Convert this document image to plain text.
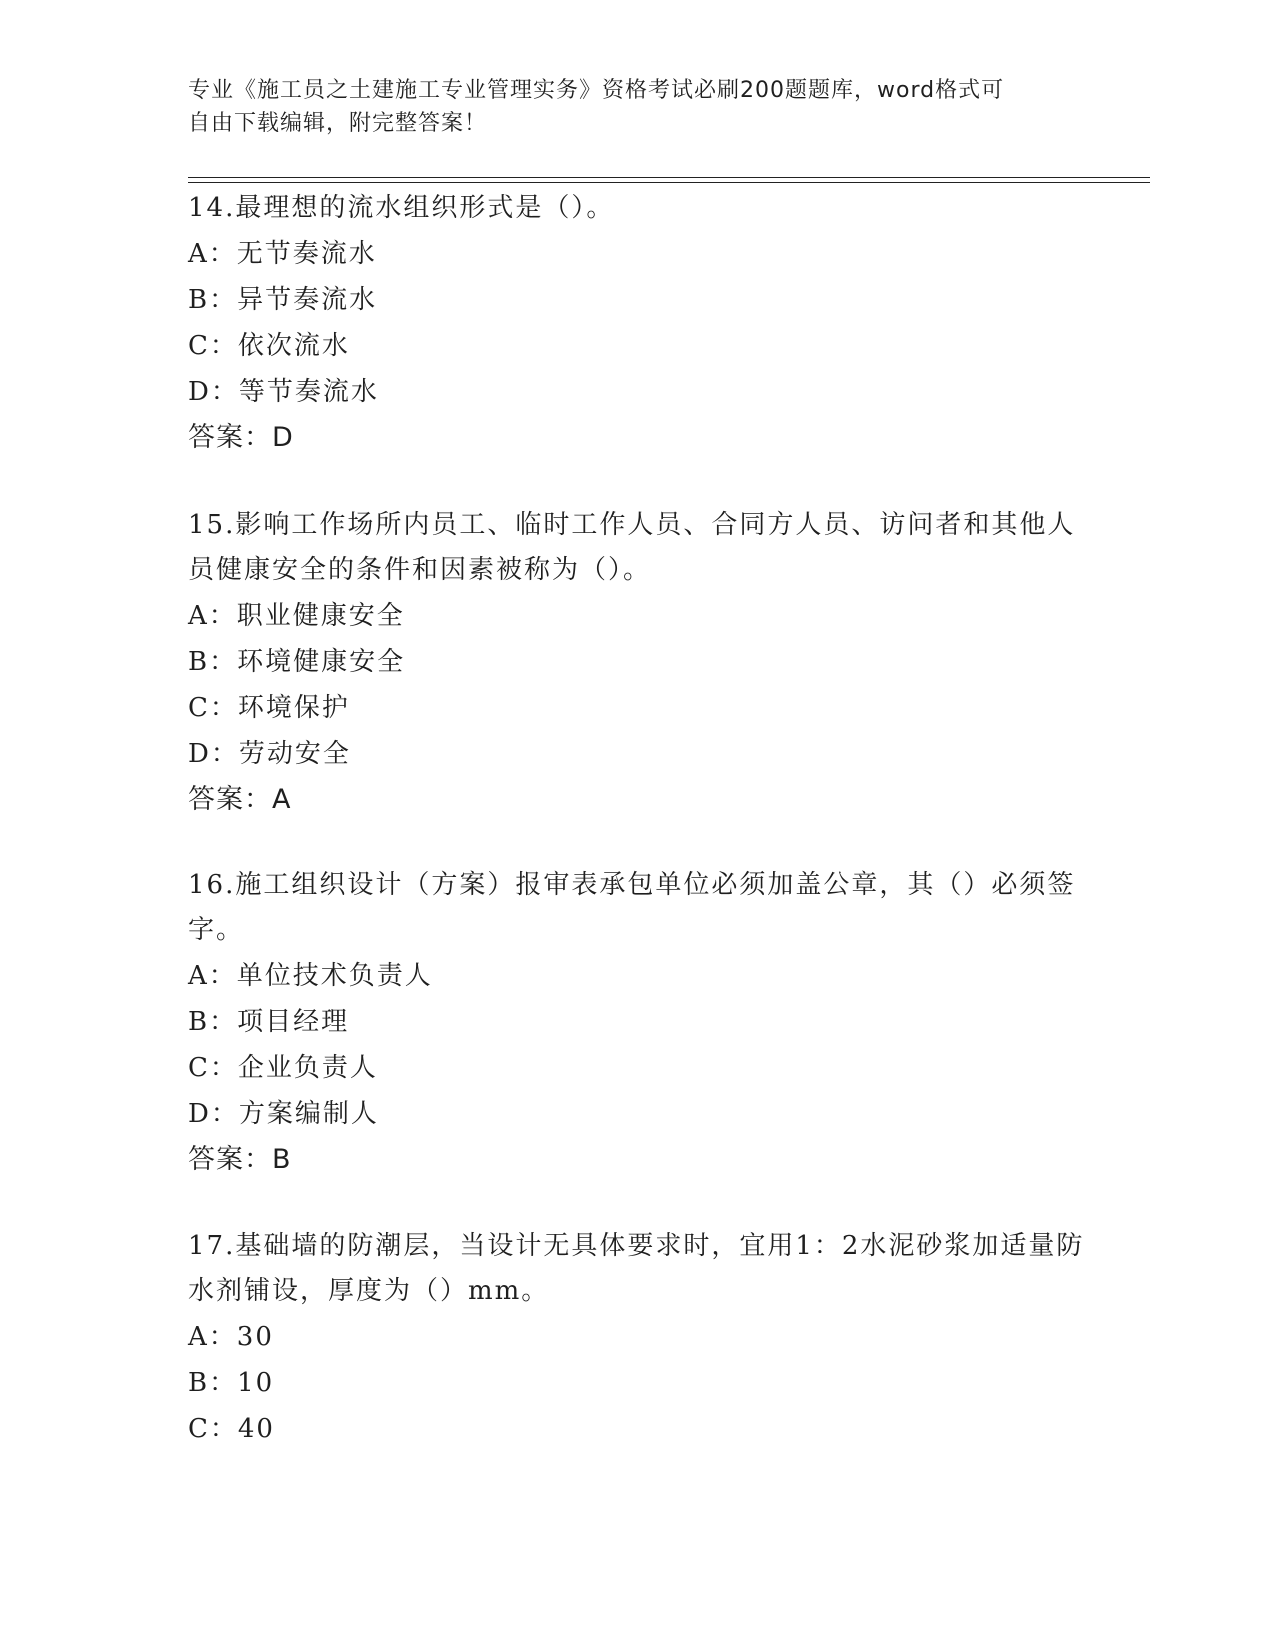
专业《施工员之土建施工专业管理实务》资格考试必刷200题题库，word格式可
自由下载编辑，附完整答案！

14.最理想的流水组织形式是（）。

A：无节奏流水

B：异节奏流水

C：依次流水

D：等节奏流水

答案：D

15.影响工作场所内员工、临时工作人员、合同方人员、访问者和其他人员健康安全的条件和因素被称为（）。

A：职业健康安全

B：环境健康安全

C：环境保护

D：劳动安全

答案：A

16.施工组织设计（方案）报审表承包单位必须加盖公章，其（）必须签字。

A：单位技术负责人

B：项目经理

C：企业负责人

D：方案编制人

答案：B

17.基础墙的防潮层，当设计无具体要求时，宜用1：2水泥砂浆加适量防水剂铺设，厚度为（）mm。

A：30

B：10

C：40
